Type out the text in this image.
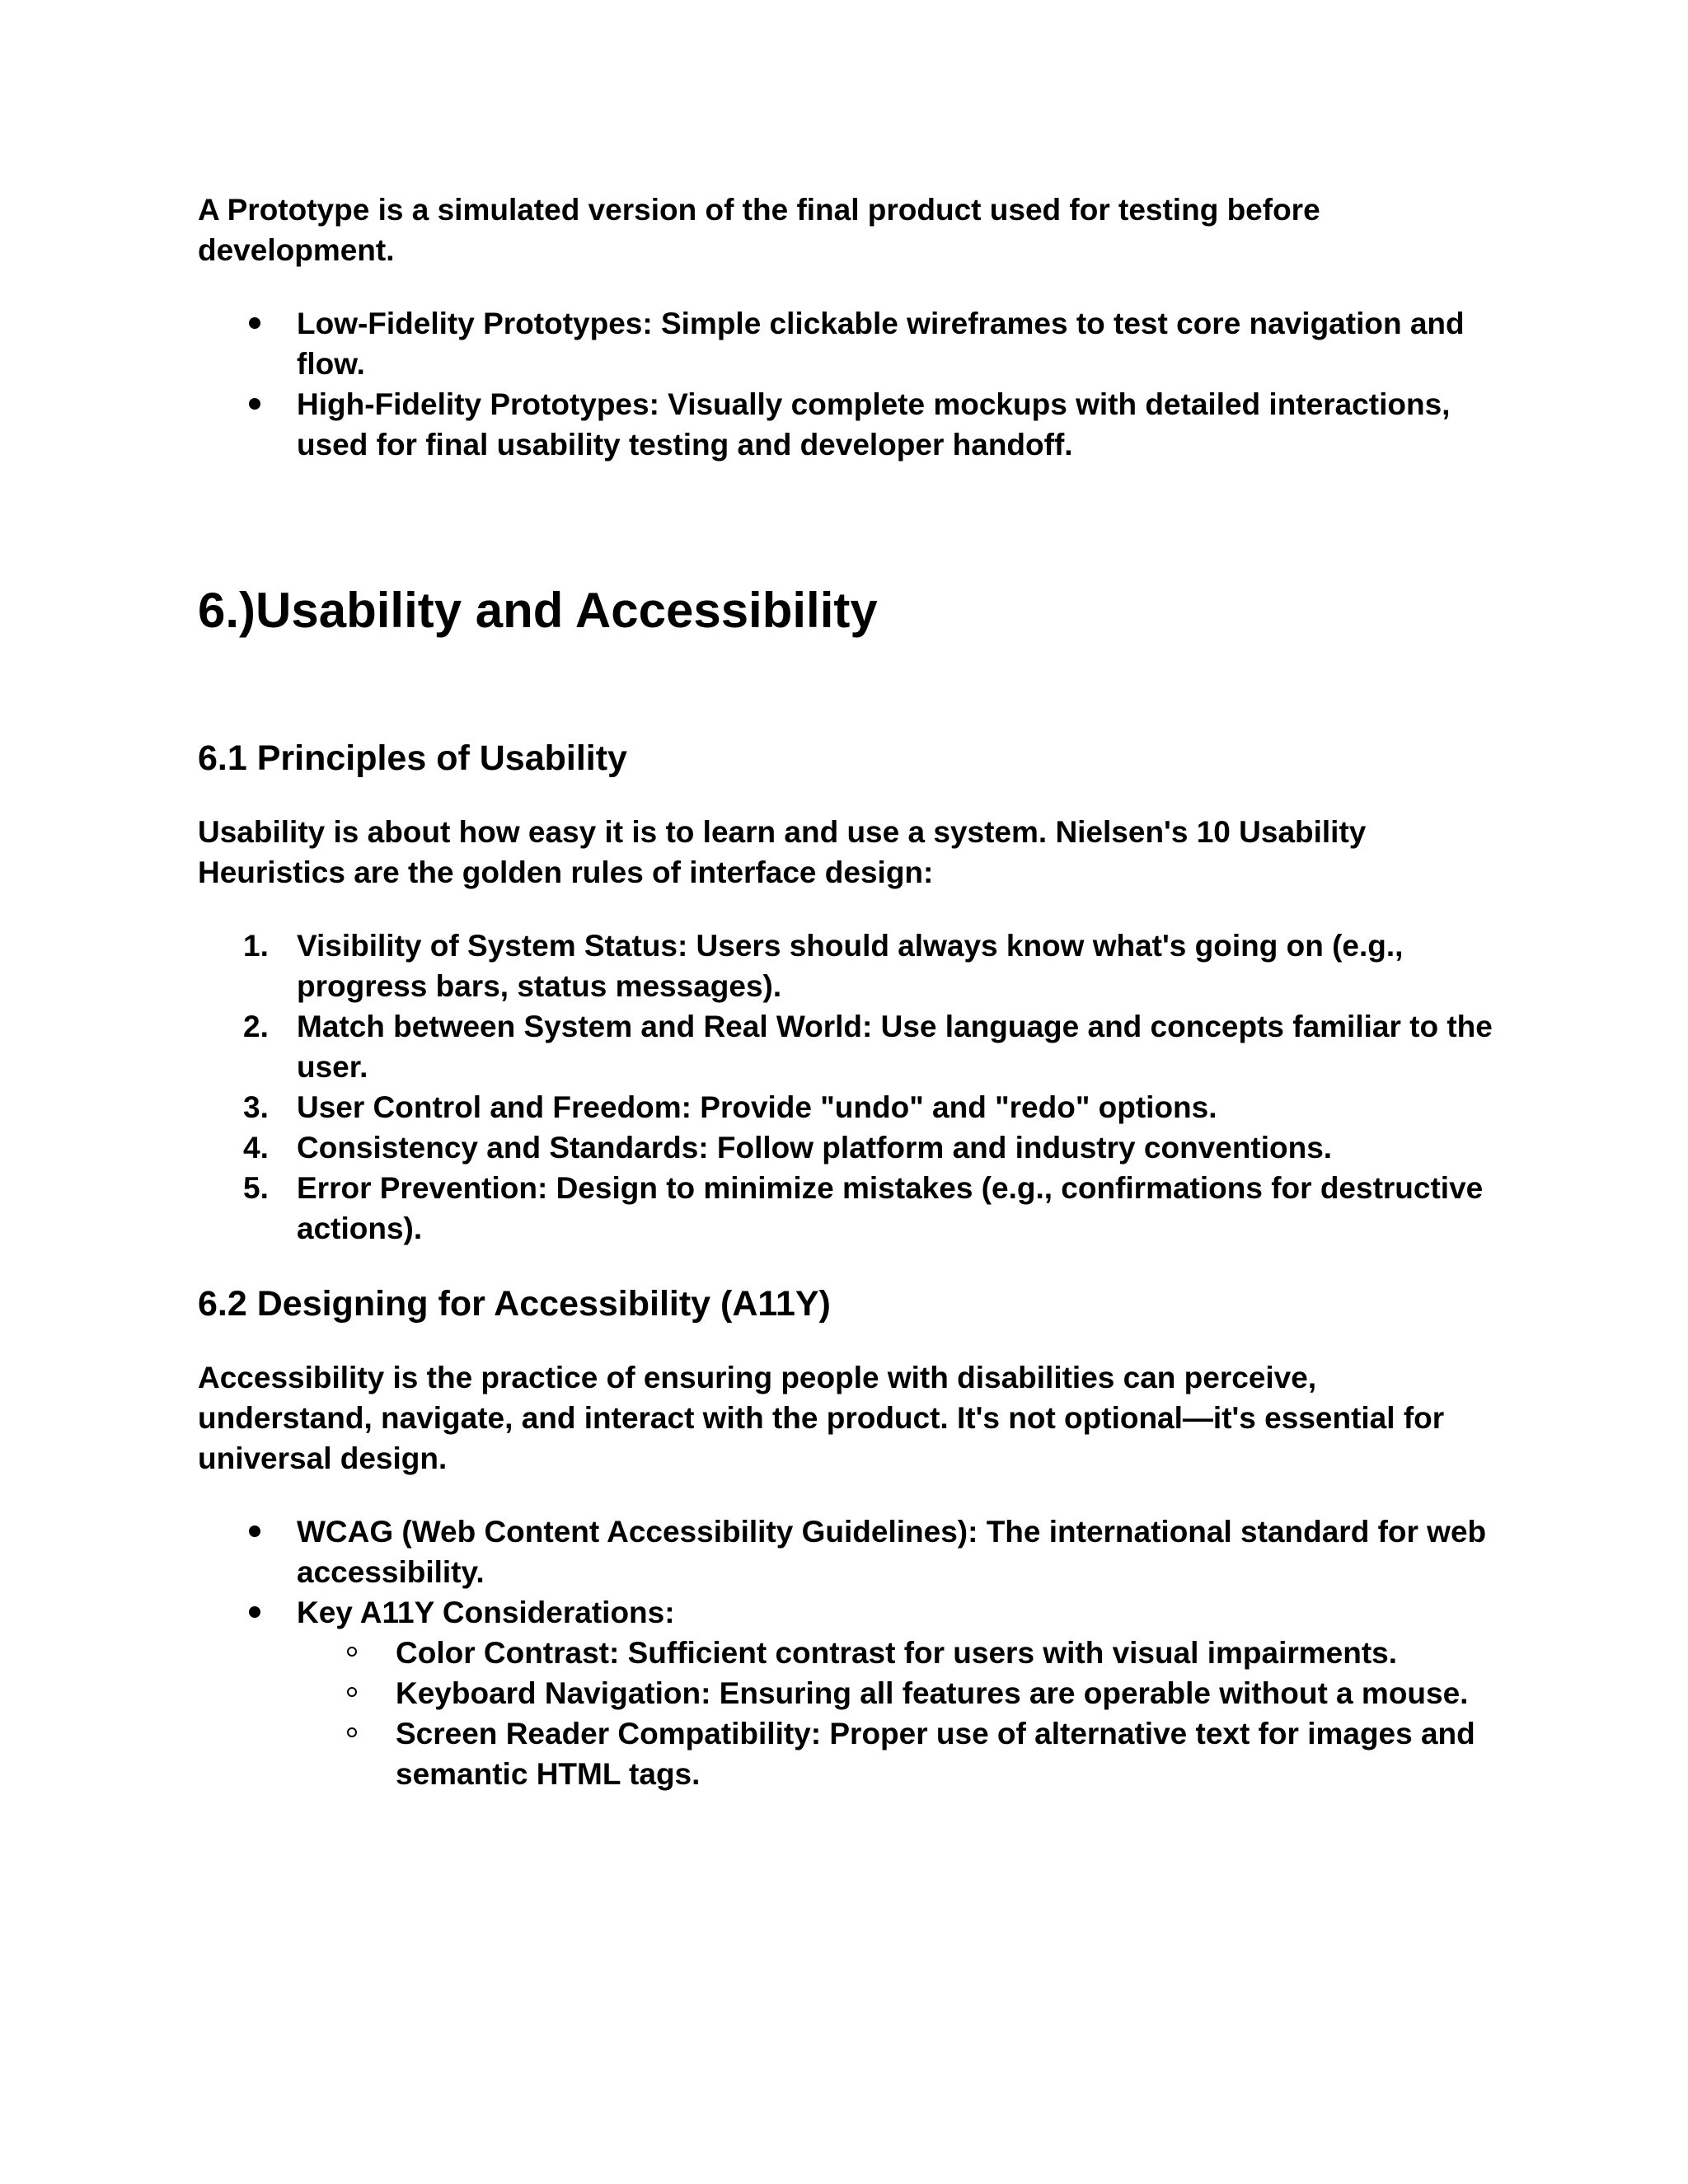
A Prototype is a simulated version of the final product used for testing before development.

Low-Fidelity Prototypes: Simple clickable wireframes to test core navigation and flow.
High-Fidelity Prototypes: Visually complete mockups with detailed interactions, used for final usability testing and developer handoff.
6.)Usability and Accessibility
6.1 Principles of Usability

Usability is about how easy it is to learn and use a system. Nielsen's 10 Usability Heuristics are the golden rules of interface design:

1. Visibility of System Status: Users should always know what's going on (e.g., progress bars, status messages).
2. Match between System and Real World: Use language and concepts familiar to the user.
3. User Control and Freedom: Provide "undo" and "redo" options.
4. Consistency and Standards: Follow platform and industry conventions.
5. Error Prevention: Design to minimize mistakes (e.g., confirmations for destructive actions).
6.2 Designing for Accessibility (A11Y)

Accessibility is the practice of ensuring people with disabilities can perceive, understand, navigate, and interact with the product. It's not optional—it's essential for universal design.

WCAG (Web Content Accessibility Guidelines): The international standard for web accessibility.
Key A11Y Considerations:
Color Contrast: Sufficient contrast for users with visual impairments.
Keyboard Navigation: Ensuring all features are operable without a mouse.
Screen Reader Compatibility: Proper use of alternative text for images and semantic HTML tags.
